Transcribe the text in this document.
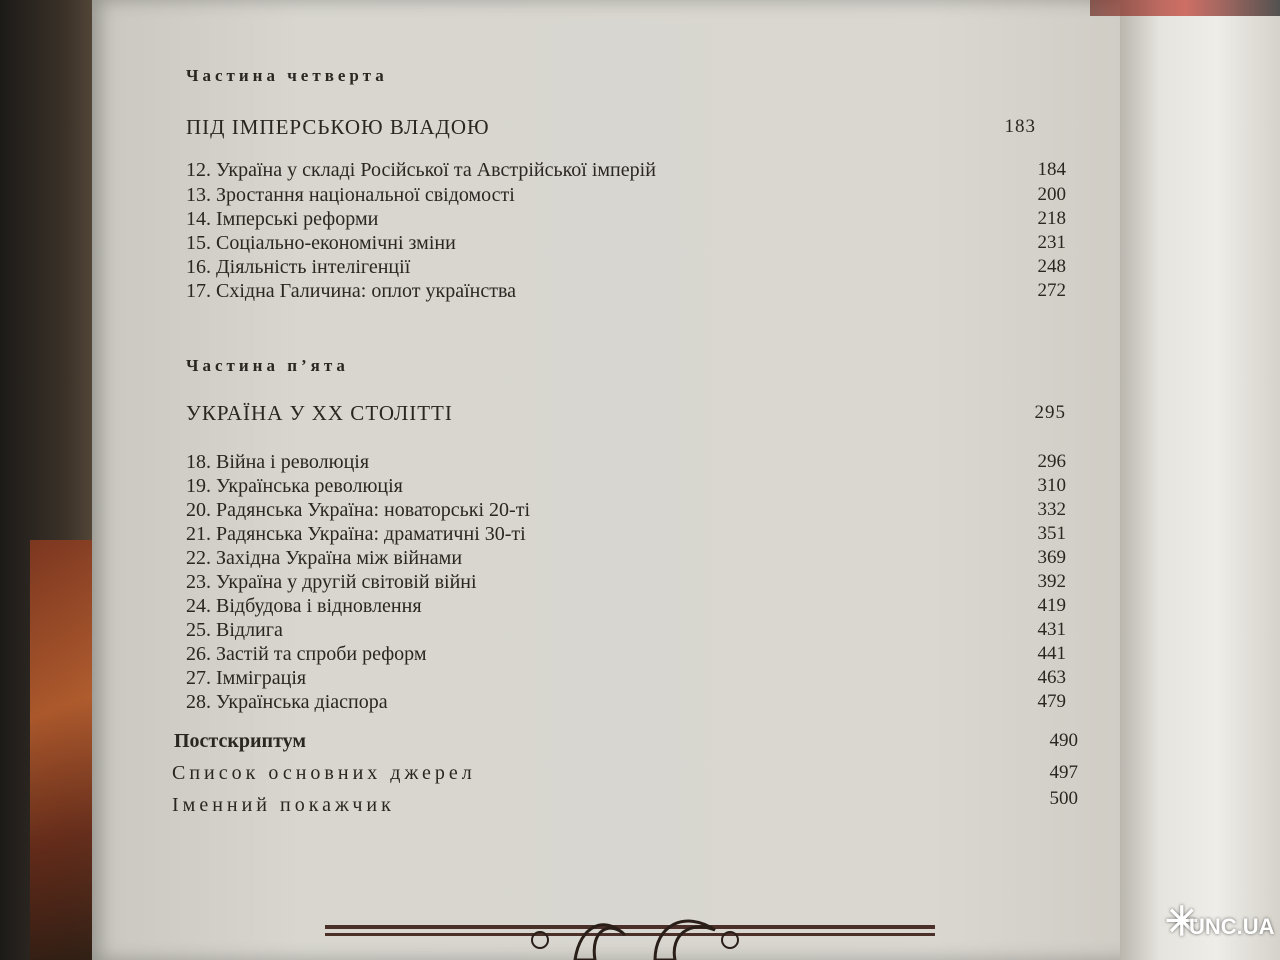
Частина четверта
ПІД ІМПЕРСЬКОЮ ВЛАДОЮ	183
12. Україна у складі Російської та Австрійської імперій	184
13. Зростання національної свідомості	200
14. Імперські реформи	218
15. Соціально-економічні зміни	231
16. Діяльність інтелігенції	248
17. Східна Галичина: оплот українства	272
Частина п’ята
УКРАЇНА У XX СТОЛІТТІ	295
18. Війна і революція	296
19. Українська революція	310
20. Радянська Україна: новаторські 20-ті	332
21. Радянська Україна: драматичні 30-ті	351
22. Західна Україна між війнами	369
23. Україна у другій світовій війні	392
24. Відбудова і відновлення	419
25. Відлига	431
26. Застій та спроби реформ	441
27. Імміграція	463
28. Українська діаспора	479
Постскриптум	490
Список основних джерел	497
Іменний покажчик	500
✳
UNC.UA
